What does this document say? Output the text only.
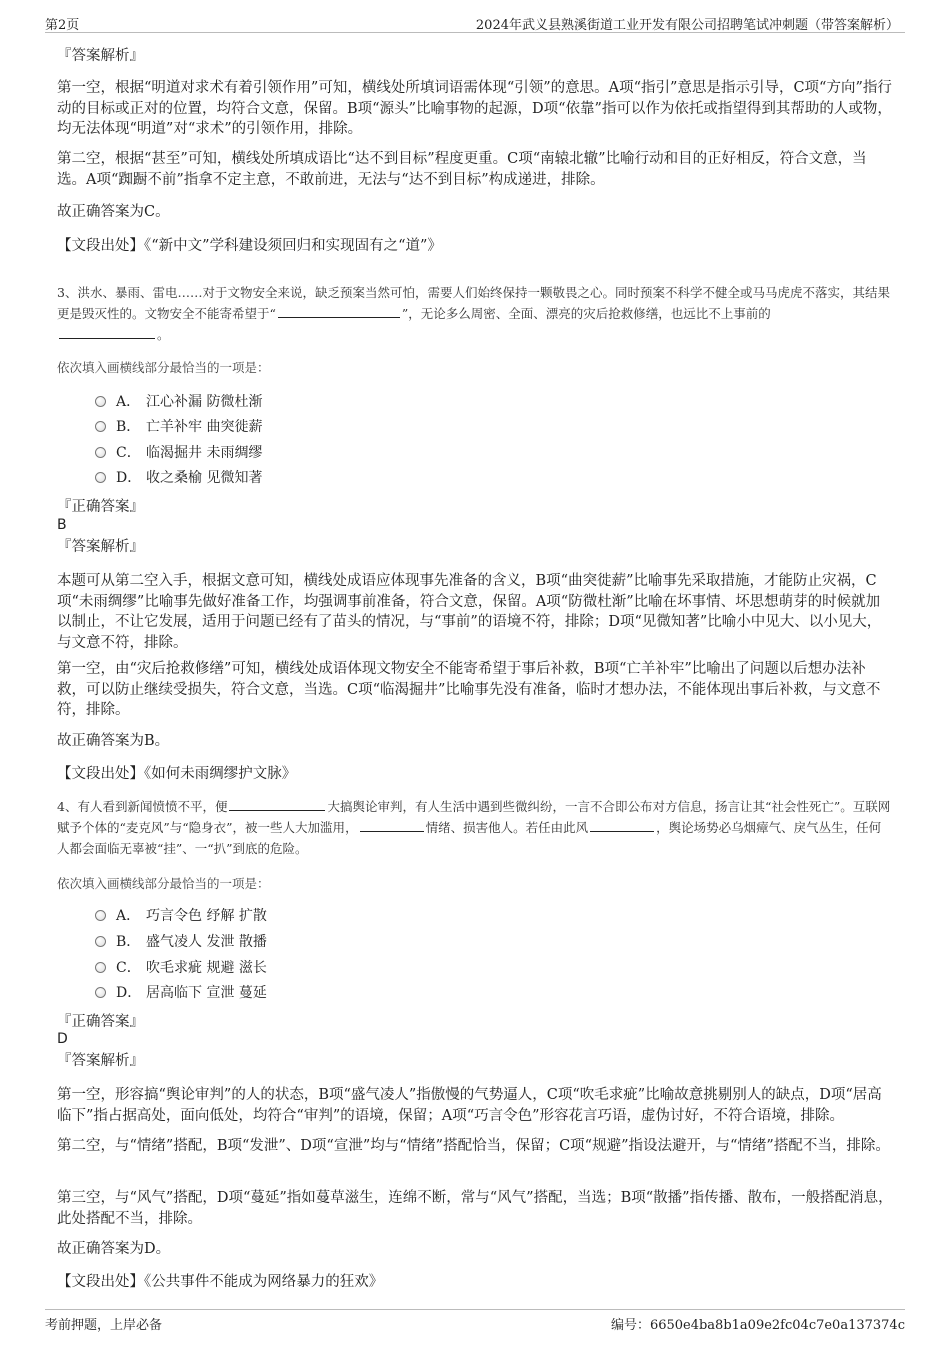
第2页	2024年武义县熟溪街道工业开发有限公司招聘笔试冲刺题（带答案解析）
『答案解析』

第一空，根据“明道对求术有着引领作用”可知，横线处所填词语需体现“引领”的意思。A项“指引”意思是指示引导，C项“方向”指行动的目标或正对的位置，均符合文意，保留。B项“源头”比喻事物的起源，D项“依靠”指可以作为依托或指望得到其帮助的人或物，均无法体现“明道”对“求术”的引领作用，排除。

第二空，根据“甚至”可知，横线处所填成语比“达不到目标”程度更重。C项“南辕北辙”比喻行动和目的正好相反，符合文意，当选。A项“踟蹰不前”指拿不定主意，不敢前进，无法与“达不到目标”构成递进，排除。

故正确答案为C。

【文段出处】《“新中文”学科建设须回归和实现固有之“道”》

3、洪水、暴雨、雷电……对于文物安全来说，缺乏预案当然可怕，需要人们始终保持一颗敬畏之心。同时预案不科学不健全或马马虎虎不落实，其结果更是毁灭性的。文物安全不能寄希望于“	”，无论多么周密、全面、漂亮的灾后抢救修缮，也远比不上事前的
。
依次填入画横线部分最恰当的一项是：
A． 江心补漏 防微杜渐
B． 亡羊补牢 曲突徙薪
C． 临渴掘井 未雨绸缪
D． 收之桑榆 见微知著
『正确答案』
B
『答案解析』

本题可从第二空入手，根据文意可知，横线处成语应体现事先准备的含义，B项“曲突徙薪”比喻事先采取措施，才能防止灾祸，C项“未雨绸缪”比喻事先做好准备工作，均强调事前准备，符合文意，保留。A项“防微杜渐”比喻在坏事情、坏思想萌芽的时候就加以制止，不让它发展，适用于问题已经有了苗头的情况，与“事前”的语境不符，排除；D项“见微知著”比喻小中见大、以小见大，与文意不符，排除。

第一空，由“灾后抢救修缮”可知，横线处成语体现文物安全不能寄希望于事后补救，B项“亡羊补牢”比喻出了问题以后想办法补救，可以防止继续受损失，符合文意，当选。C项“临渴掘井”比喻事先没有准备，临时才想办法，不能体现出事后补救，与文意不符，排除。

故正确答案为B。

【文段出处】《如何未雨绸缪护文脉》

4、有人看到新闻愤愤不平，便	大搞舆论审判，有人生活中遇到些微纠纷，一言不合即公布对方信息，扬言让其“社会性死亡”。互联网赋予个体的“麦克风”与“隐身衣”，被一些人大加滥用，	情绪、损害他人。若任由此风	，舆论场势必乌烟瘴气、戾气丛生，任何人都会面临无辜被“挂”、一“扒”到底的危险。
依次填入画横线部分最恰当的一项是：
A． 巧言令色 纾解 扩散
B． 盛气凌人 发泄 散播
C． 吹毛求疵 规避 滋长
D． 居高临下 宣泄 蔓延
『正确答案』
D
『答案解析』

第一空，形容搞“舆论审判”的人的状态，B项“盛气凌人”指傲慢的气势逼人，C项“吹毛求疵”比喻故意挑剔别人的缺点，D项“居高临下”指占据高处，面向低处，均符合“审判”的语境，保留；A项“巧言令色”形容花言巧语，虚伪讨好，不符合语境，排除。

第二空，与“情绪”搭配，B项“发泄”、D项“宣泄”均与“情绪”搭配恰当，保留；C项“规避”指设法避开，与“情绪”搭配不当，排除。

第三空，与“风气”搭配，D项“蔓延”指如蔓草滋生，连绵不断，常与“风气”搭配，当选；B项“散播”指传播、散布，一般搭配消息，此处搭配不当，排除。

故正确答案为D。

【文段出处】《公共事件不能成为网络暴力的狂欢》

考前押题，上岸必备	编号：6650e4ba8b1a09e2fc04c7e0a137374c
